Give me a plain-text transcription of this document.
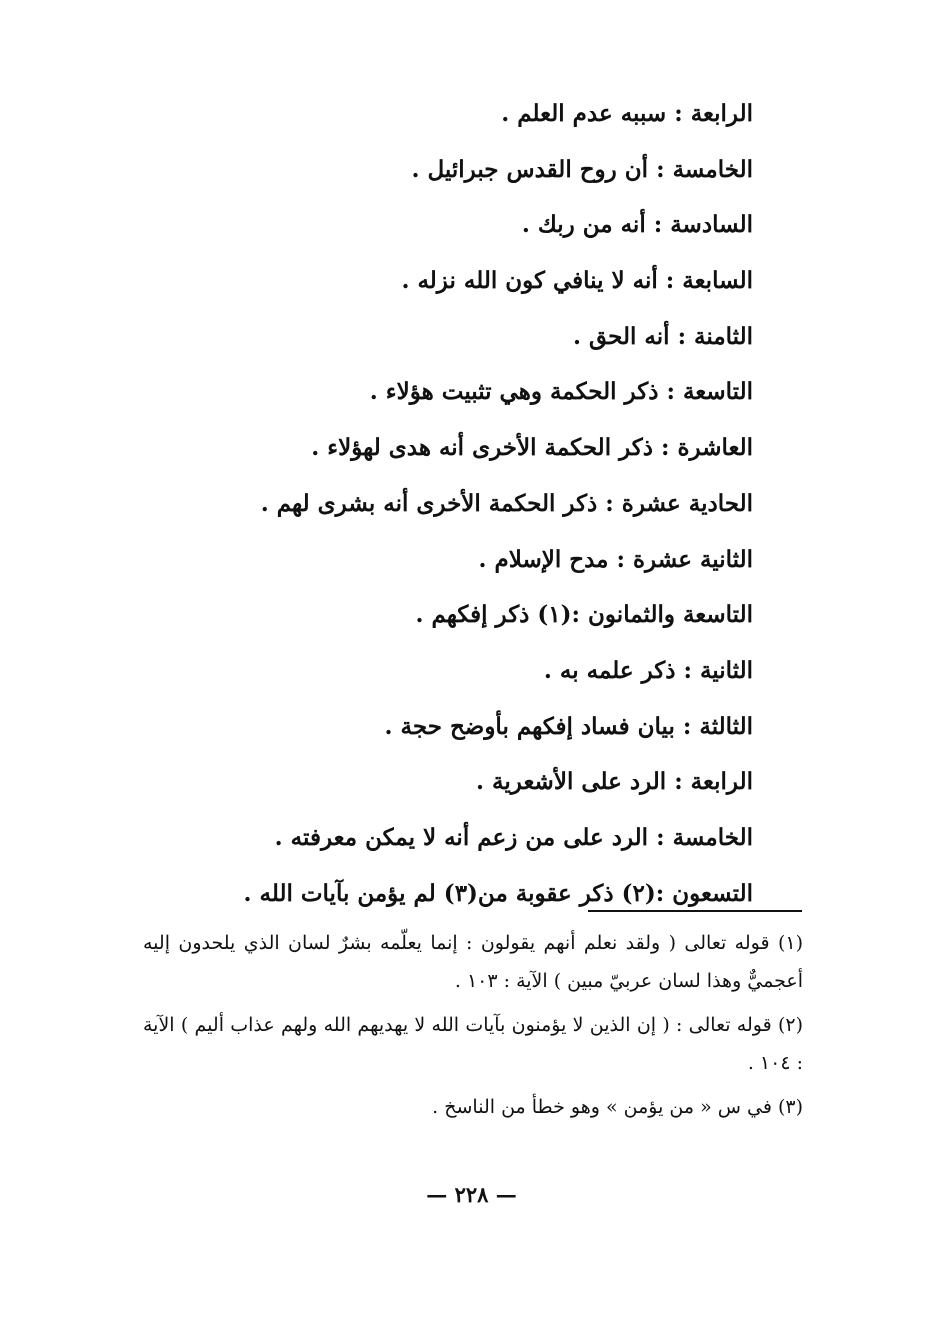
الرابعة : سببه عدم العلم .
الخامسة : أن روح القدس جبرائيل .
السادسة : أنه من ربك .
السابعة : أنه لا ينافي كون الله نزله .
الثامنة : أنه الحق .
التاسعة : ذكر الحكمة وهي تثبيت هؤلاء .
العاشرة : ذكر الحكمة الأخرى أنه هدى لهؤلاء .
الحادية عشرة : ذكر الحكمة الأخرى أنه بشرى لهم .
الثانية عشرة : مدح الإسلام .
التاسعة والثمانون :(١) ذكر إفكهم .
الثانية : ذكر علمه به .
الثالثة : بيان فساد إفكهم بأوضح حجة .
الرابعة : الرد على الأشعرية .
الخامسة : الرد على من زعم أنه لا يمكن معرفته .
التسعون :(٢) ذكر عقوبة من(٣) لم يؤمن بآيات الله .
(١) قوله تعالى ( ولقد نعلم أنهم يقولون : إنما يعلّمه بشرٌ لسان الذي يلحدون إليه أعجميٌّ وهذا لسان عربيّ مبين ) الآية : ١٠٣ .
(٢) قوله تعالى : ( إن الذين لا يؤمنون بآيات الله لا يهديهم الله ولهم عذاب أليم ) الآية : ١٠٤ .
(٣) في س « من يؤمن » وهو خطأ من الناسخ .
— ٢٢٨ —
